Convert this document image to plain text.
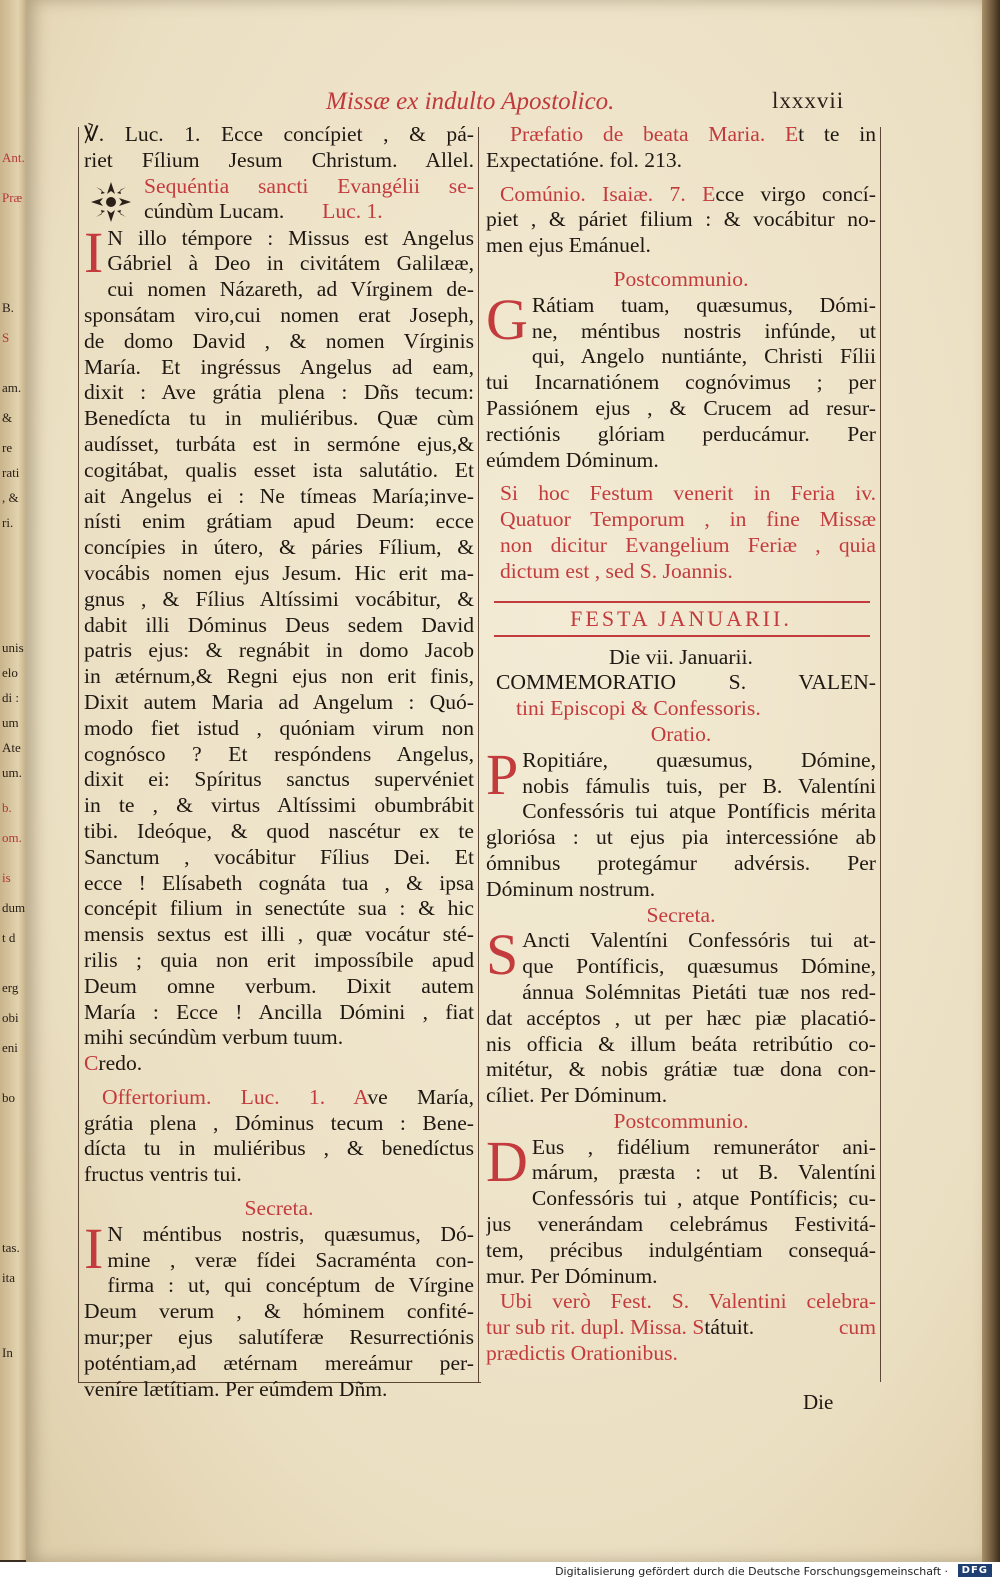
Ant.
Præ
B.
S
am.
&
re
rati
, &
ri.
unis
elo
di :
um
Ate
um.
b.
om.
is
dum
t d
erg
obi
eni
bo
tas.
ita
In
Missæ ex indulto Apostolico.	lxxxvii
℣. Luc. 1. Ecce concípiet , & pá-
riet Fílium Jesum Christum. Allel.
Sequéntia sancti Evangélii se-
cúndùm Lucam. Luc. 1.
I N illo témpore : Missus est Angelus
Gábriel à Deo in civitátem Galilææ,
cui nomen Názareth, ad Vírginem de-
sponsátam viro,cui nomen erat Joseph,
de domo David , & nomen Vírginis
María. Et ingréssus Angelus ad eam,
dixit : Ave grátia plena : Dñs tecum:
Benedícta tu in muliéribus. Quæ cùm
audísset, turbáta est in sermóne ejus,&
cogitábat, qualis esset ista salutátio. Et
ait Angelus ei : Ne tímeas María;inve-
nísti enim grátiam apud Deum: ecce
concípies in útero, & páries Fílium, &
vocábis nomen ejus Jesum. Hic erit ma-
gnus , & Fílius Altíssimi vocábitur, &
dabit illi Dóminus Deus sedem David
patris ejus: & regnábit in domo Jacob
in ætérnum,& Regni ejus non erit finis,
Dixit autem Maria ad Angelum : Quó-
modo fiet istud , quóniam virum non
cognósco ? Et respóndens Angelus,
dixit ei: Spíritus sanctus supervéniet
in te , & virtus Altíssimi obumbrábit
tibi. Ideóque, & quod nascétur ex te
Sanctum , vocábitur Fílius Dei. Et
ecce ! Elísabeth cognáta tua , & ipsa
concépit filium in senectúte sua : & hic
mensis sextus est illi , quæ vocátur sté-
rilis ; quia non erit impossíbile apud
Deum omne verbum. Dixit autem
María : Ecce ! Ancilla Dómini , fiat
mihi secúndùm verbum tuum.
Credo.
Offertorium. Luc. 1. Ave María,
grátia plena , Dóminus tecum : Bene-
dícta tu in muliéribus , & benedíctus
fructus ventris tui.
Secreta.
I N méntibus nostris, quæsumus, Dó-
mine , veræ fídei Sacraménta con-
firma : ut, qui concéptum de Vírgine
Deum verum , & hóminem confité-
mur;per ejus salutíferæ Resurrectiónis
poténtiam,ad ætérnam mereámur per-
veníre lætítiam. Per eúmdem Dñm.
Præfatio de beata Maria. Et te in
Expectatióne. fol. 213.
Comúnio. Isaiæ. 7. Ecce virgo concí-
piet , & páriet filium : & vocábitur no-
men ejus Emánuel.
Postcommunio.
G Rátiam tuam, quæsumus, Dómi-
ne, méntibus nostris infúnde, ut
qui, Angelo nuntiánte, Christi Fílii
tui Incarnatiónem cognóvimus ; per
Passiónem ejus , & Crucem ad resur-
rectiónis glóriam perducámur. Per
eúmdem Dóminum.
Si hoc Festum venerit in Feria iv.
Quatuor Temporum , in fine Missæ
non dicitur Evangelium Feriæ , quia
dictum est , sed S. Joannis.
FESTA JANUARII.
Die vii. Januarii.
COMMEMORATIO S. VALEN-
tini Episcopi & Confessoris.
Oratio.
P Ropitiáre, quæsumus, Dómine,
nobis fámulis tuis, per B. Valentíni
Confessóris tui atque Pontíficis mérita
gloriósa : ut ejus pia intercessióne ab
ómnibus protegámur advérsis. Per
Dóminum nostrum.
Secreta.
S Ancti Valentíni Confessóris tui at-
que Pontíficis, quæsumus Dómine,
ánnua Solémnitas Pietáti tuæ nos red-
dat accéptos , ut per hæc piæ placatió-
nis officia & illum beáta retribútio co-
mitétur, & nobis grátiæ tuæ dona con-
cíliet. Per Dóminum.
Postcommunio.
D Eus , fidélium remunerátor ani-
márum, præsta : ut B. Valentíni
Confessóris tui , atque Pontíficis; cu-
jus venerándam celebrámus Festivitá-
tem, précibus indulgéntiam consequá-
mur. Per Dóminum.
Ubi verò Fest. S. Valentini celebra-
tur sub rit. dupl. Missa. Státuit.	cum
prædictis Orationibus.
Die
Digitalisierung gefördert durch die Deutsche Forschungsgemeinschaft ·	DFG
